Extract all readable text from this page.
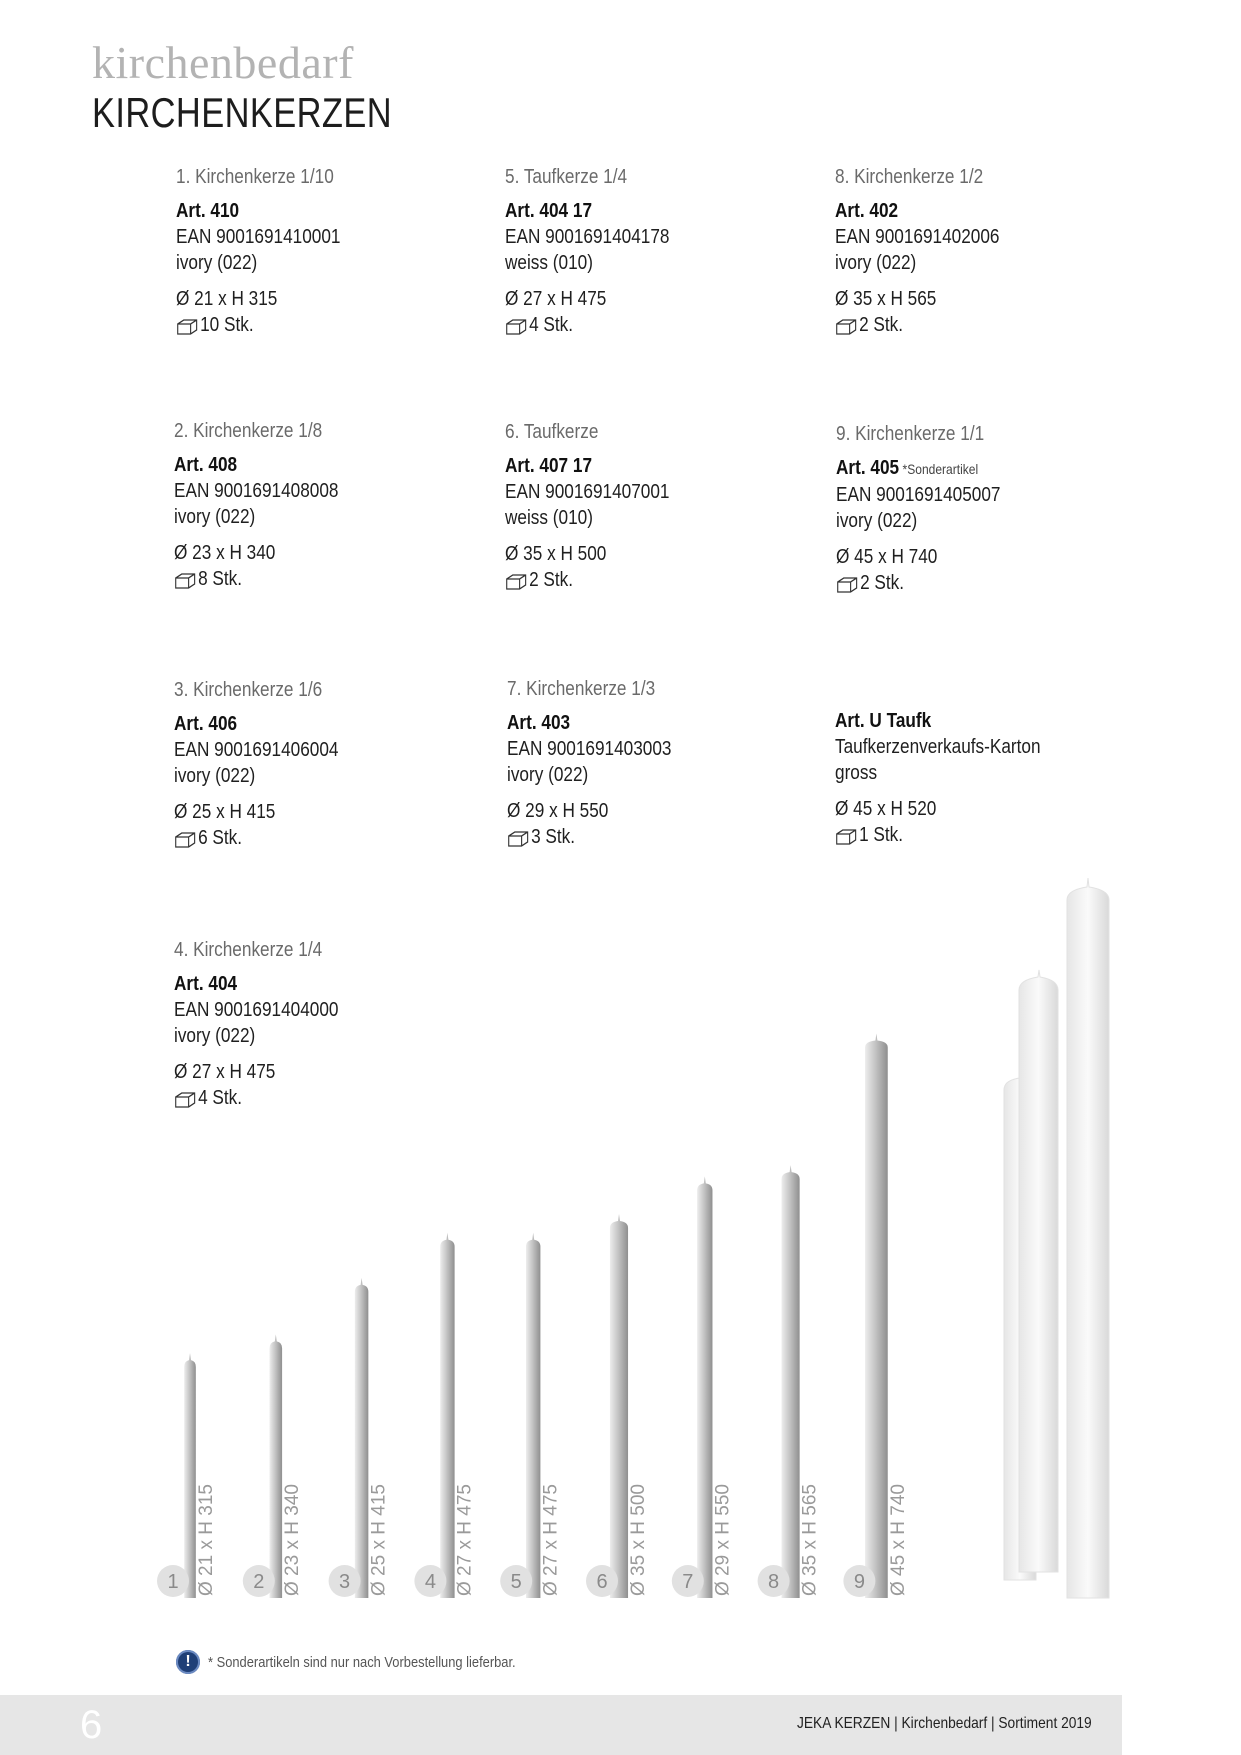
kirchenbedarf
KIRCHENKERZEN
1. Kirchenkerze 1/10
Art. 410
EAN 9001691410001
ivory (022)
Ø 21 x H 315
10 Stk.
5. Taufkerze 1/4
Art. 404 17
EAN 9001691404178
weiss (010)
Ø 27 x H 475
4 Stk.
8. Kirchenkerze 1/2
Art. 402
EAN 9001691402006
ivory (022)
Ø 35 x H 565
2 Stk.
2. Kirchenkerze 1/8
Art. 408
EAN 9001691408008
ivory (022)
Ø 23 x H 340
8 Stk.
6. Taufkerze
Art. 407 17
EAN 9001691407001
weiss (010)
Ø 35 x H 500
2 Stk.
9. Kirchenkerze 1/1
Art. 405 *Sonderartikel
EAN 9001691405007
ivory (022)
Ø 45 x H 740
2 Stk.
3. Kirchenkerze 1/6
Art. 406
EAN 9001691406004
ivory (022)
Ø 25 x H 415
6 Stk.
7. Kirchenkerze 1/3
Art. 403
EAN 9001691403003
ivory (022)
Ø 29 x H 550
3 Stk.
Art. U Taufk
Taufkerzenverkaufs-Karton
gross
Ø 45 x H 520
1 Stk.
4. Kirchenkerze 1/4
Art. 404
EAN 9001691404000
ivory (022)
Ø 27 x H 475
4 Stk.
1 Ø 21 x H 315 2 Ø 23 x H 340 3 Ø 25 x H 415 4 Ø 27 x H 475 5 Ø 27 x H 475 6 Ø 35 x H 500 7 Ø 29 x H 550 8 Ø 35 x H 565 9 Ø 45 x H 740
!	* Sonderartikeln sind nur nach Vorbestellung lieferbar.
6	JEKA KERZEN | Kirchenbedarf | Sortiment 2019
